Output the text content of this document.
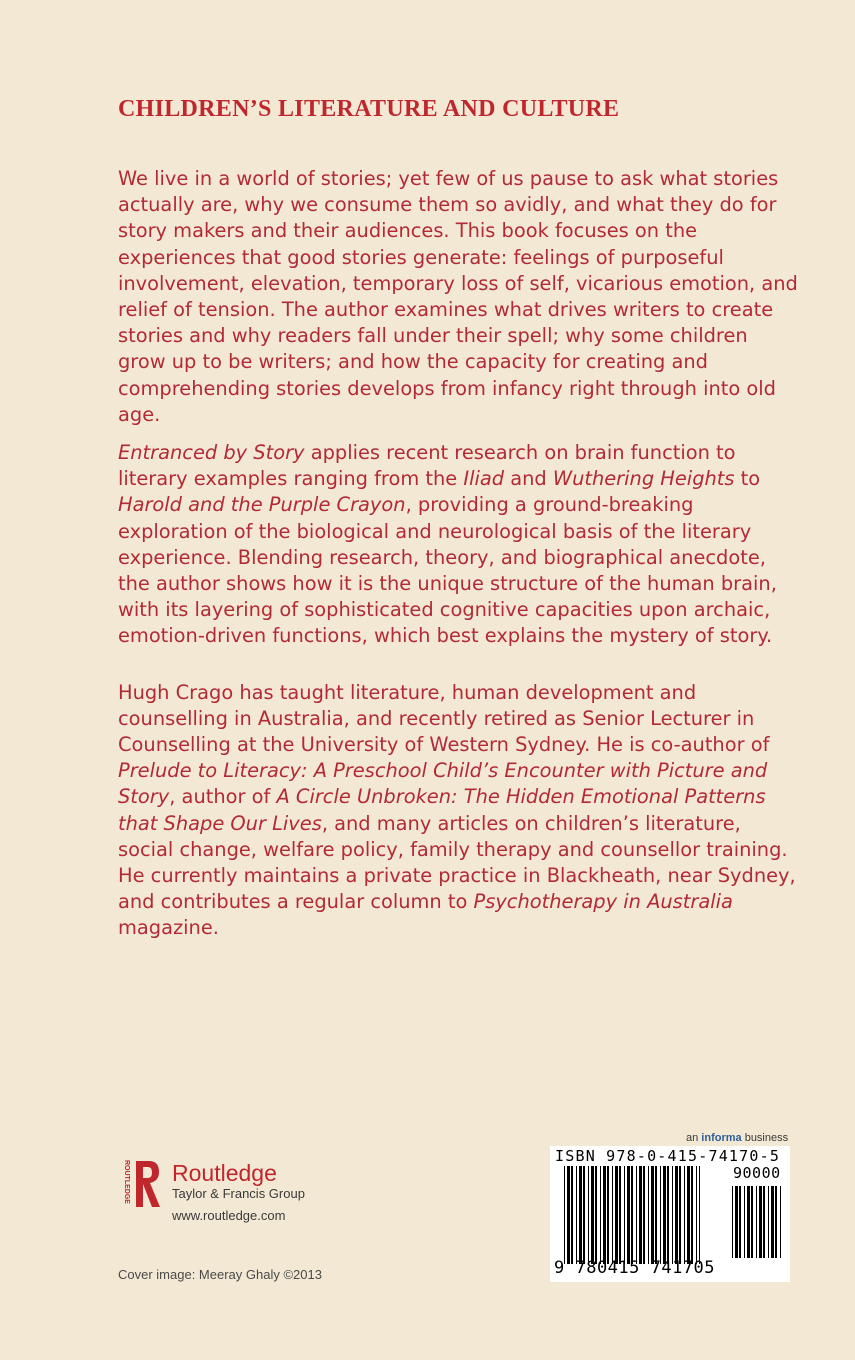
CHILDREN’S LITERATURE AND CULTURE

We live in a world of stories; yet few of us pause to ask what stories actually are, why we consume them so avidly, and what they do for story makers and their audiences. This book focuses on the experiences that good stories generate: feelings of purposeful involvement, elevation, temporary loss of self, vicarious emotion, and relief of tension. The author examines what drives writers to create stories and why readers fall under their spell; why some children grow up to be writers; and how the capacity for creating and comprehending stories develops from infancy right through into old age.

Entranced by Story applies recent research on brain function to literary examples ranging from the Iliad and Wuthering Heights to Harold and the Purple Crayon, providing a ground-breaking exploration of the biological and neurological basis of the literary experience. Blending research, theory, and biographical anecdote, the author shows how it is the unique structure of the human brain, with its layering of sophisticated cognitive capacities upon archaic, emotion-driven functions, which best explains the mystery of story.

Hugh Crago has taught literature, human development and counselling in Australia, and recently retired as Senior Lecturer in Counselling at the University of Western Sydney. He is co-author of Prelude to Literacy: A Preschool Child’s Encounter with Picture and Story, author of A Circle Unbroken: The Hidden Emotional Patterns that Shape Our Lives, and many articles on children’s literature, social change, welfare policy, family therapy and counsellor training. He currently maintains a private practice in Blackheath, near Sydney, and contributes a regular column to Psychotherapy in Australia magazine.

an informa business
ROUTLEDGE Routledge
Taylor & Francis Group
www.routledge.com
Cover image: Meeray Ghaly ©2013
ISBN 978-0-415-74170-5
90000
9 780415 741705
